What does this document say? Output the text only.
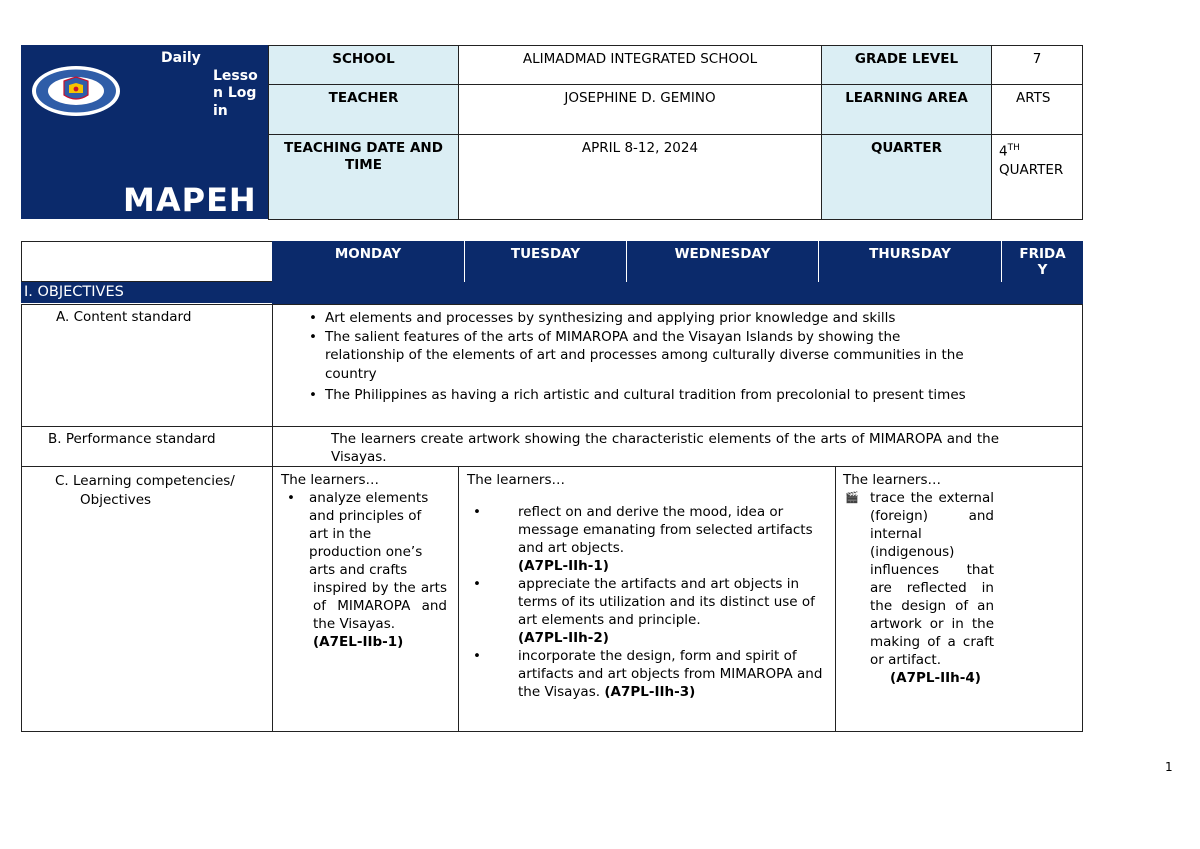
Daily
Lesso
n Log
in
MAPEH
SCHOOL	ALIMADMAD INTEGRATED SCHOOL	GRADE LEVEL	7
TEACHER	JOSEPHINE D. GEMINO	LEARNING AREA	ARTS
TEACHING DATE AND TIME
APRIL 8-12, 2024	QUARTER	4TH
QUARTER
MONDAY	TUESDAY	WEDNESDAY	THURSDAY	FRIDA
Y
I. OBJECTIVES
A. Content standard
•	Art elements and processes by synthesizing and applying prior knowledge and skills
• The salient features of the arts of MIMAROPA and the Visayan Islands by showing the relationship of the elements of art and processes among culturally diverse communities in the country
• The Philippines as having a rich artistic and cultural tradition from precolonial to present times
B. Performance standard	The learners create artwork showing the characteristic elements of the arts of MIMAROPA and the Visayas.
C. Learning competencies/
Objectives
The learners…
• analyze elements and principles of art in the production one’s arts and crafts
inspired by the arts of MIMAROPA and the Visayas.
(A7EL-IIb-1)
The learners…
• reflect on and derive the mood, idea or message emanating from selected artifacts and art objects.
(A7PL-IIh-1)
• appreciate the artifacts and art objects in terms of its utilization and its distinct use of art elements and principle.
(A7PL-IIh-2)
• incorporate the design, form and spirit of artifacts and art objects from MIMAROPA and the Visayas. (A7PL-IIh-3)
The learners…
🎬 trace the external (foreign) and internal (indigenous) influences that are reflected in the design of an artwork or in the making of a craft or artifact.
(A7PL-IIh-4)
1
